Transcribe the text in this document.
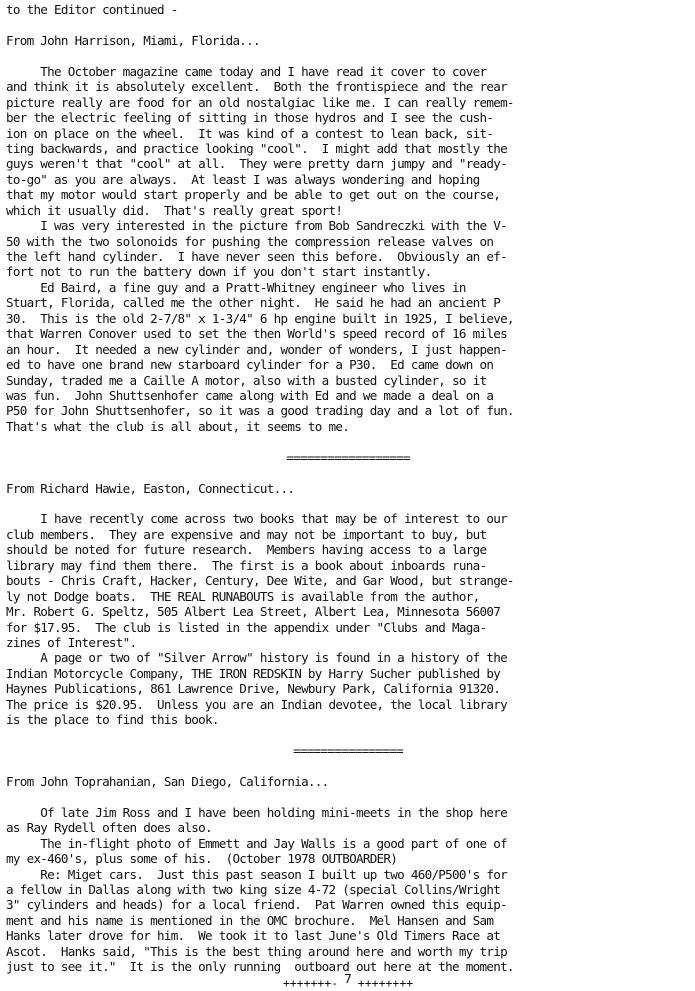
to the Editor continued -
From John Harrison, Miami, Florida...
The October magazine came today and I have read it cover to cover
and think it is absolutely excellent.  Both the frontispiece and the rear
picture really are food for an old nostalgiac like me. I can really remem-
ber the electric feeling of sitting in those hydros and I see the cush-
ion on place on the wheel.  It was kind of a contest to lean back, sit-
ting backwards, and practice looking "cool".  I might add that mostly the
guys weren't that "cool" at all.  They were pretty darn jumpy and "ready-
to-go" as you are always.  At least I was always wondering and hoping
that my motor would start properly and be able to get out on the course,
which it usually did.  That's really great sport!
I was very interested in the picture from Bob Sandreczki with the V-
50 with the two solonoids for pushing the compression release valves on
the left hand cylinder.  I have never seen this before.  Obviously an ef-
fort not to run the battery down if you don't start instantly.
Ed Baird, a fine guy and a Pratt-Whitney engineer who lives in
Stuart, Florida, called me the other night.  He said he had an ancient P
30.  This is the old 2-7/8" x 1-3/4" 6 hp engine built in 1925, I believe,
that Warren Conover used to set the then World's speed record of 16 miles
an hour.  It needed a new cylinder and, wonder of wonders, I just happen-
ed to have one brand new starboard cylinder for a P30.  Ed came down on
Sunday, traded me a Caille A motor, also with a busted cylinder, so it
was fun.  John Shuttsenhofer came along with Ed and we made a deal on a
P50 for John Shuttsenhofer, so it was a good trading day and a lot of fun.
That's what the club is all about, it seems to me.
==================
From Richard Hawie, Easton, Connecticut...
I have recently come across two books that may be of interest to our
club members.  They are expensive and may not be important to buy, but
should be noted for future research.  Members having access to a large
library may find them there.  The first is a book about inboards runa-
bouts - Chris Craft, Hacker, Century, Dee Wite, and Gar Wood, but strange-
ly not Dodge boats.  THE REAL RUNABOUTS is available from the author,
Mr. Robert G. Speltz, 505 Albert Lea Street, Albert Lea, Minnesota 56007
for $17.95.  The club is listed in the appendix under "Clubs and Maga-
zines of Interest".
A page or two of "Silver Arrow" history is found in a history of the
Indian Motorcycle Company, THE IRON REDSKIN by Harry Sucher published by
Haynes Publications, 861 Lawrence Drive, Newbury Park, California 91320.
The price is $20.95.  Unless you are an Indian devotee, the local library
is the place to find this book.
================
From John Toprahanian, San Diego, California...
Of late Jim Ross and I have been holding mini-meets in the shop here
as Ray Rydell often does also.
The in-flight photo of Emmett and Jay Walls is a good part of one of
my ex-460's, plus some of his.  (October 1978 OUTBOARDER)
Re: Miget cars.  Just this past season I built up two 460/P500's for
a fellow in Dallas along with two king size 4-72 (special Collins/Wright
3" cylinders and heads) for a local friend.  Pat Warren owned this equip-
ment and his name is mentioned in the OMC brochure.  Mel Hansen and Sam
Hanks later drove for him.  We took it to last June's Old Timers Race at
Ascot.  Hanks said, "This is the best thing around here and worth my trip
just to see it."  It is the only running  outboard out here at the moment.
+++++++- 7 ++++++++
